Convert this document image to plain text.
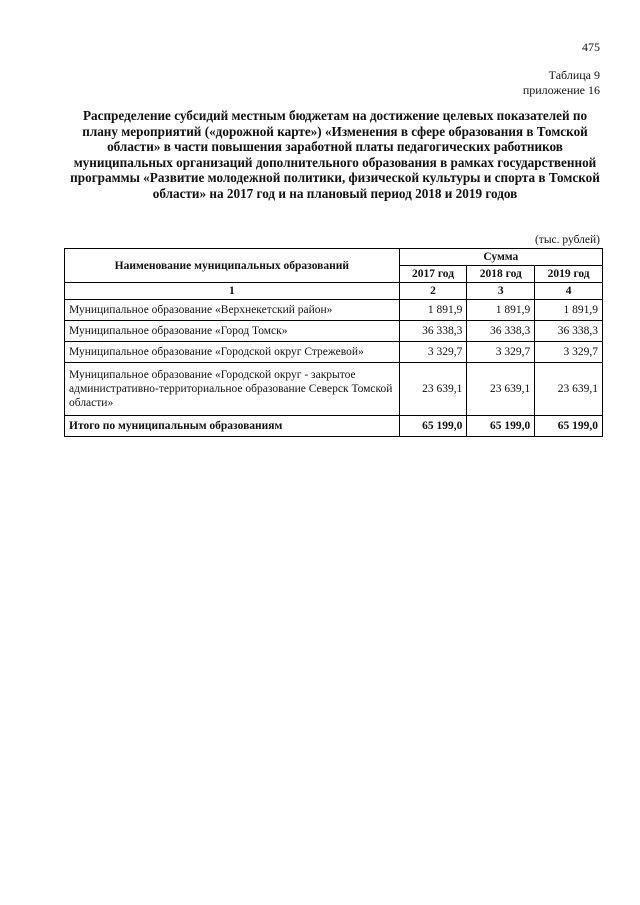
475
Таблица 9
приложение 16
Распределение субсидий местным бюджетам на достижение целевых показателей по плану мероприятий («дорожной карте») «Изменения в сфере образования в Томской области» в части повышения заработной платы педагогических работников муниципальных организаций дополнительного образования в рамках государственной программы «Развитие молодежной политики, физической культуры и спорта в Томской области» на 2017 год и на плановый период 2018 и 2019 годов
(тыс. рублей)
Наименование муниципальных образований	Сумма		
	2017 год	2018 год	2019 год
1	2	3	4
Муниципальное образование «Верхнекетский район»	1 891,9	1 891,9	1 891,9
Муниципальное образование «Город Томск»	36 338,3	36 338,3	36 338,3
Муниципальное образование «Городской округ Стрежевой»	3 329,7	3 329,7	3 329,7
Муниципальное образование «Городской округ - закрытое административно-территориальное образование Северск Томской области»	23 639,1	23 639,1	23 639,1
Итого по муниципальным образованиям	65 199,0	65 199,0	65 199,0
